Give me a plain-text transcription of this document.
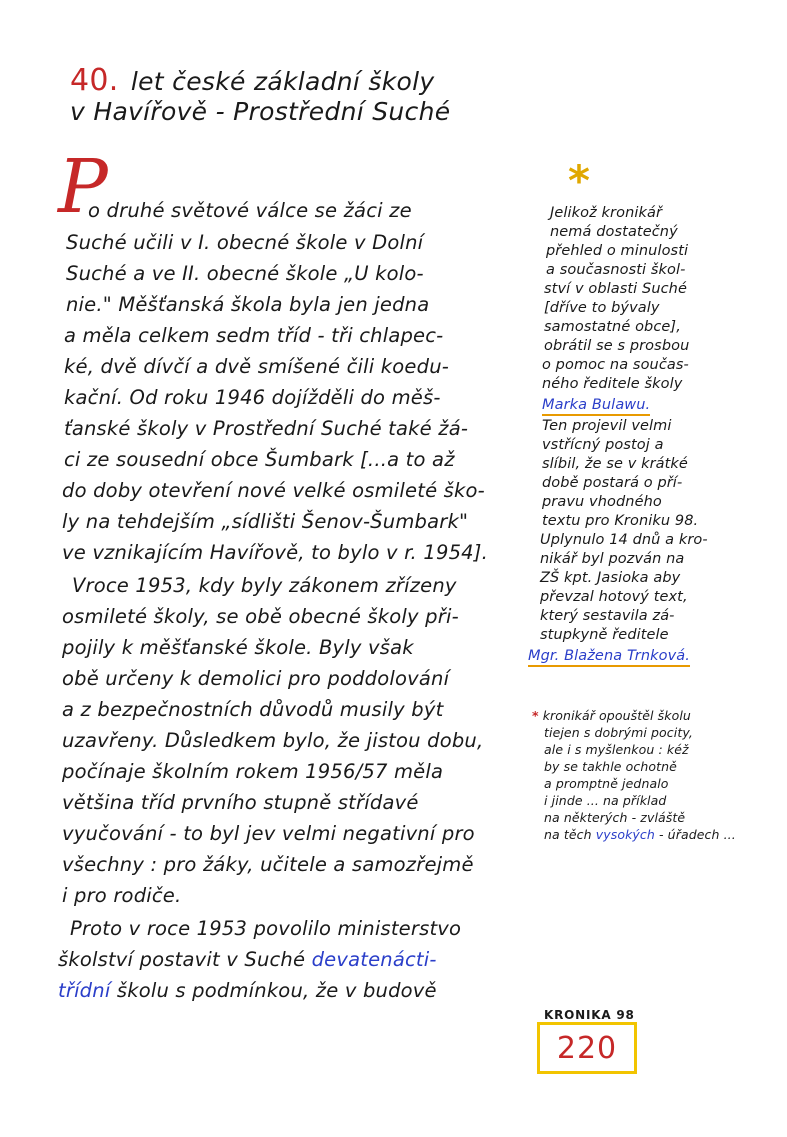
40. let české základní školy
v Havířově - Prostřední Suché
P
o druhé světové válce se žáci ze
Suché učili v I. obecné škole v Dolní
Suché a ve II. obecné škole „U kolo-
nie." Měšťanská škola byla jen jedna
a měla celkem sedm tříd - tři chlapec-
ké, dvě dívčí a dvě smíšené čili koedu-
kační. Od roku 1946 dojížděli do měš-
ťanské školy v Prostřední Suché také žá-
ci ze sousední obce Šumbark [...a to až
do doby otevření nové velké osmileté ško-
ly na tehdejším „sídlišti Šenov-Šumbark"
ve vznikajícím Havířově, to bylo v r. 1954].
Vroce 1953, kdy byly zákonem zřízeny
osmileté školy, se obě obecné školy při-
pojily k měšťanské škole. Byly však
obě určeny k demolici pro poddolování
a z bezpečnostních důvodů musily být
uzavřeny. Důsledkem bylo, že jistou dobu,
počínaje školním rokem 1956/57 měla
většina tříd prvního stupně střídavé
vyučování - to byl jev velmi negativní pro
všechny : pro žáky, učitele a samozřejmě
i pro rodiče.
Proto v roce 1953 povolilo ministerstvo
školství postavit v Suché devatenácti-
třídní školu s podmínkou, že v budově
*
Jelikož kronikář
nemá dostatečný
přehled o minulosti
a současnosti škol-
ství v oblasti Suché
[dříve to bývaly
samostatné obce],
obrátil se s prosbou
o pomoc na součas-
ného ředitele školy
Marka Bulawu.
Ten projevil velmi
vstřícný postoj a
slíbil, že se v krátké
době postará o pří-
pravu vhodného
textu pro Kroniku 98.
Uplynulo 14 dnů a kro-
nikář byl pozván na
ZŠ kpt. Jasioka aby
převzal hotový text,
který sestavila zá-
stupkyně ředitele
Mgr. Blažena Trnková.
* kronikář opouštěl školu
tiejen s dobrými pocity,
ale i s myšlenkou : kéž
by se takhle ochotně
a promptně jednalo
i jinde ... na příklad
na některých - zvláště
na těch vysokých - úřadech ...
KRONIKA 98
220
